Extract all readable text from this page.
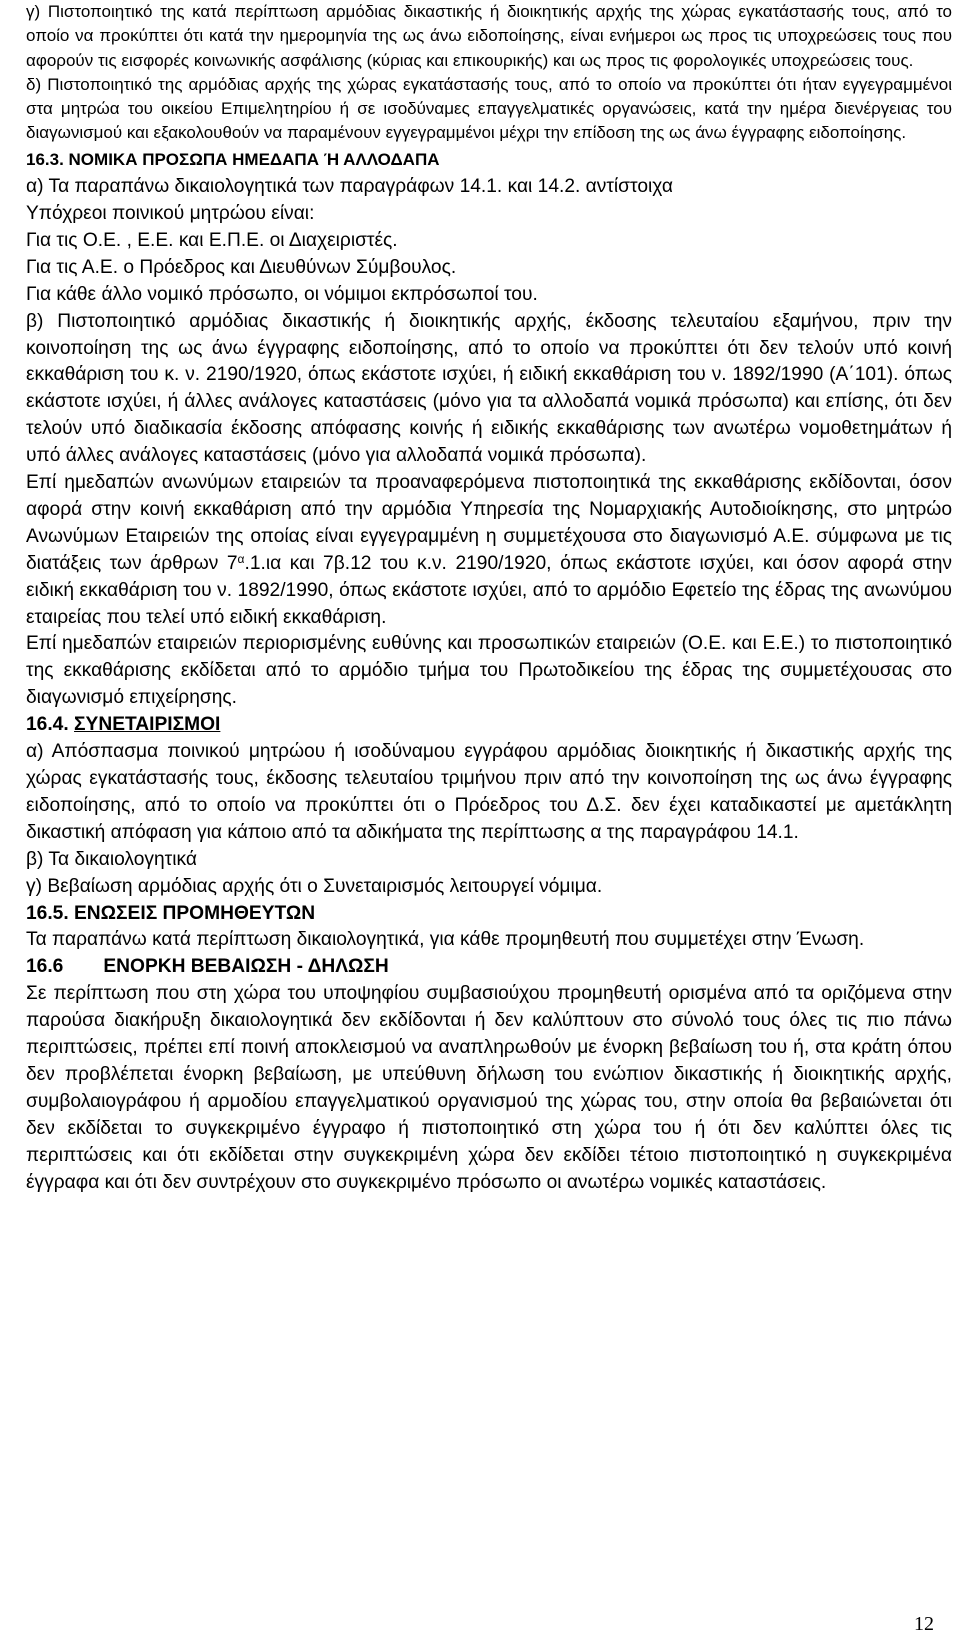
γ) Πιστοποιητικό της κατά περίπτωση αρμόδιας δικαστικής ή διοικητικής αρχής της χώρας εγκατάστασής τους, από το οποίο να προκύπτει ότι κατά την ημερομηνία της ως άνω ειδοποίησης, είναι ενήμεροι ως προς τις υποχρεώσεις τους που αφορούν τις εισφορές κοινωνικής ασφάλισης (κύριας και επικουρικής) και ως προς τις φορολογικές υποχρεώσεις τους.

δ) Πιστοποιητικό της αρμόδιας αρχής της χώρας εγκατάστασής τους, από το οποίο να προκύπτει ότι ήταν εγγεγραμμένοι στα μητρώα του οικείου Επιμελητηρίου ή σε ισοδύναμες επαγγελματικές οργανώσεις, κατά την ημέρα διενέργειας του διαγωνισμού και εξακολουθούν να παραμένουν εγγεγραμμένοι μέχρι την επίδοση της ως άνω έγγραφης ειδοποίησης.

16.3. ΝΟΜΙΚΑ ΠΡΟΣΩΠΑ ΗΜΕΔΑΠΑ Ή ΑΛΛΟΔΑΠΑ

α) Τα παραπάνω δικαιολογητικά των παραγράφων 14.1. και 14.2. αντίστοιχα

Υπόχρεοι ποινικού μητρώου είναι:

Για τις Ο.Ε. , Ε.Ε. και Ε.Π.Ε. οι Διαχειριστές.

Για τις Α.Ε. ο Πρόεδρος και Διευθύνων Σύμβουλος.

Για κάθε άλλο νομικό πρόσωπο, οι νόμιμοι εκπρόσωποί του.

β) Πιστοποιητικό αρμόδιας δικαστικής ή διοικητικής αρχής, έκδοσης τελευταίου εξαμήνου, πριν την κοινοποίηση της ως άνω έγγραφης ειδοποίησης, από το οποίο να προκύπτει ότι δεν τελούν υπό κοινή εκκαθάριση του κ. ν. 2190/1920, όπως εκάστοτε ισχύει, ή ειδική εκκαθάριση του ν. 1892/1990 (Α΄101). όπως εκάστοτε ισχύει, ή άλλες ανάλογες καταστάσεις (μόνο για τα αλλοδαπά νομικά πρόσωπα) και επίσης, ότι δεν τελούν υπό διαδικασία έκδοσης απόφασης κοινής ή ειδικής εκκαθάρισης των ανωτέρω νομοθετημάτων ή υπό άλλες ανάλογες καταστάσεις (μόνο για αλλοδαπά νομικά πρόσωπα).

Επί ημεδαπών ανωνύμων εταιρειών τα προαναφερόμενα πιστοποιητικά της εκκαθάρισης εκδίδονται, όσον αφορά στην κοινή εκκαθάριση από την αρμόδια Υπηρεσία της Νομαρχιακής Αυτοδιοίκησης, στο μητρώο Ανωνύμων Εταιρειών της οποίας είναι εγγεγραμμένη η συμμετέχουσα στο διαγωνισμό Α.Ε. σύμφωνα με τις διατάξεις των άρθρων $7^\alpha.1.\iota\alpha$ και 7β.12 του κ.ν. 2190/1920, όπως εκάστοτε ισχύει, και όσον αφορά στην ειδική εκκαθάριση του ν. 1892/1990, όπως εκάστοτε ισχύει, από το αρμόδιο Εφετείο της έδρας της ανωνύμου εταιρείας που τελεί υπό ειδική εκκαθάριση.

Επί ημεδαπών εταιρειών περιορισμένης ευθύνης και προσωπικών εταιρειών (Ο.Ε. και Ε.Ε.) το πιστοποιητικό της εκκαθάρισης εκδίδεται από το αρμόδιο τμήμα του Πρωτοδικείου της έδρας της συμμετέχουσας στο διαγωνισμό επιχείρησης.

16.4. ΣΥΝΕΤΑΙΡΙΣΜΟΙ

α) Απόσπασμα ποινικού μητρώου ή ισοδύναμου εγγράφου αρμόδιας διοικητικής ή δικαστικής αρχής της χώρας εγκατάστασής τους, έκδοσης τελευταίου τριμήνου πριν από την κοινοποίηση της ως άνω έγγραφης ειδοποίησης, από το οποίο να προκύπτει ότι ο Πρόεδρος του Δ.Σ. δεν έχει καταδικαστεί με αμετάκλητη δικαστική απόφαση για κάποιο από τα αδικήματα της περίπτωσης α της παραγράφου 14.1.

β) Τα δικαιολογητικά

γ) Βεβαίωση αρμόδιας αρχής ότι ο Συνεταιρισμός λειτουργεί νόμιμα.

16.5. ΕΝΩΣΕΙΣ ΠΡΟΜΗΘΕΥΤΩΝ

Τα παραπάνω κατά περίπτωση δικαιολογητικά, για κάθε προμηθευτή που συμμετέχει στην Ένωση.

16.6 ΕΝΟΡΚΗ ΒΕΒΑΙΩΣΗ - ΔΗΛΩΣΗ

Σε περίπτωση που στη χώρα του υποψηφίου συμβασιούχου προμηθευτή ορισμένα από τα οριζόμενα στην παρούσα διακήρυξη δικαιολογητικά δεν εκδίδονται ή δεν καλύπτουν στο σύνολό τους όλες τις πιο πάνω περιπτώσεις, πρέπει επί ποινή αποκλεισμού να αναπληρωθούν με ένορκη βεβαίωση του ή, στα κράτη όπου δεν προβλέπεται ένορκη βεβαίωση, με υπεύθυνη δήλωση του ενώπιον δικαστικής ή διοικητικής αρχής, συμβολαιογράφου ή αρμοδίου επαγγελματικού οργανισμού της χώρας του, στην οποία θα βεβαιώνεται ότι δεν εκδίδεται το συγκεκριμένο έγγραφο ή πιστοποιητικό στη χώρα του ή ότι δεν καλύπτει όλες τις περιπτώσεις και ότι εκδίδεται στην συγκεκριμένη χώρα δεν εκδίδει τέτοιο πιστοποιητικό η συγκεκριμένα έγγραφα και ότι δεν συντρέχουν στο συγκεκριμένο πρόσωπο οι ανωτέρω νομικές καταστάσεις.

12
